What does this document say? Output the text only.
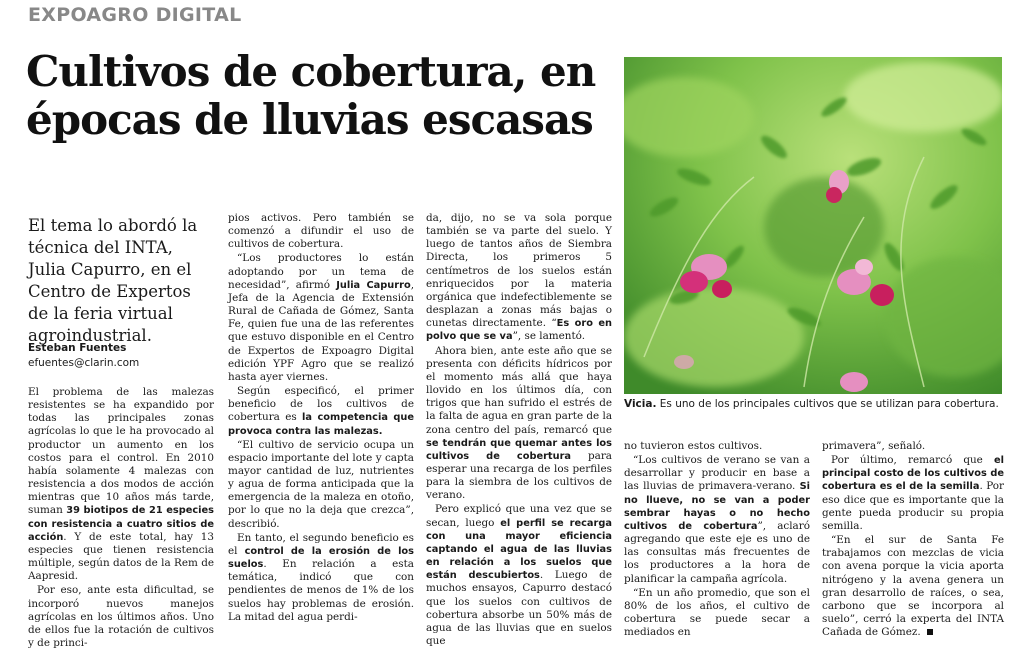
EXPOAGRO DIGITAL
Cultivos de cobertura, en épocas de lluvias escasas
Vicia. Es uno de los principales cultivos que se utilizan para cobertura.
El tema lo abordó la técnica del INTA, Julia Capurro, en el Centro de Expertos de la feria virtual agroindustrial.
Esteban Fuentes
efuentes@clarin.com

El problema de las malezas resistentes se ha expandido por todas las principales zonas agrícolas lo que le ha provocado al productor un aumento en los costos para el control. En 2010 había solamente 4 malezas con resistencia a dos modos de acción mientras que 10 años más tarde, suman 39 biotipos de 21 especies con resistencia a cuatro sitios de acción. Y de este total, hay 13 especies que tienen resistencia múltiple, según datos de la Rem de Aapresid.

Por eso, ante esta dificultad, se incorporó nuevos manejos agrícolas en los últimos años. Uno de ellos fue la rotación de cultivos y de princi-

pios activos. Pero también se comenzó a difundir el uso de cultivos de cobertura.

“Los productores lo están adoptando por un tema de necesidad”, afirmó Julia Capurro, Jefa de la Agencia de Extensión Rural de Cañada de Gómez, Santa Fe, quien fue una de las referentes que estuvo disponible en el Centro de Expertos de Expoagro Digital edición YPF Agro que se realizó hasta ayer viernes.

Según especificó, el primer beneficio de los cultivos de cobertura es la competencia que provoca contra las malezas.

“El cultivo de servicio ocupa un espacio importante del lote y capta mayor cantidad de luz, nutrientes y agua de forma anticipada que la emergencia de la maleza en otoño, por lo que no la deja que crezca”, describió.

En tanto, el segundo beneficio es el control de la erosión de los suelos. En relación a esta temática, indicó que con pendientes de menos de 1% de los suelos hay problemas de erosión. La mitad del agua perdi-

da, dijo, no se va sola porque también se va parte del suelo. Y luego de tantos años de Siembra Directa, los primeros 5 centímetros de los suelos están enriquecidos por la materia orgánica que indefectiblemente se desplazan a zonas más bajas o cunetas directamente. “Es oro en polvo que se va”, se lamentó.

Ahora bien, ante este año que se presenta con déficits hídricos por el momento más allá que haya llovido en los últimos día, con trigos que han sufrido el estrés de la falta de agua en gran parte de la zona centro del país, remarcó que se tendrán que quemar antes los cultivos de cobertura para esperar una recarga de los perfiles para la siembra de los cultivos de verano.

Pero explicó que una vez que se secan, luego el perfil se recarga con una mayor eficiencia captando el agua de las lluvias en relación a los suelos que están descubiertos. Luego de muchos ensayos, Capurro destacó que los suelos con cultivos de cobertura absorbe un 50% más de agua de las lluvias que en suelos que

no tuvieron estos cultivos.

“Los cultivos de verano se van a desarrollar y producir en base a las lluvias de primavera-verano. Si no llueve, no se van a poder sembrar hayas o no hecho cultivos de cobertura”, aclaró agregando que este eje es uno de las consultas más frecuentes de los productores a la hora de planificar la campaña agrícola.

“En un año promedio, que son el 80% de los años, el cultivo de cobertura se puede secar a mediados en

primavera”, señaló.

Por último, remarcó que el principal costo de los cultivos de cobertura es el de la semilla. Por eso dice que es importante que la gente pueda producir su propia semilla.

“En el sur de Santa Fe trabajamos con mezclas de vicia con avena porque la vicia aporta nitrógeno y la avena genera un gran desarrollo de raíces, o sea, carbono que se incorpora al suelo”, cerró la experta del INTA Cañada de Gómez.
